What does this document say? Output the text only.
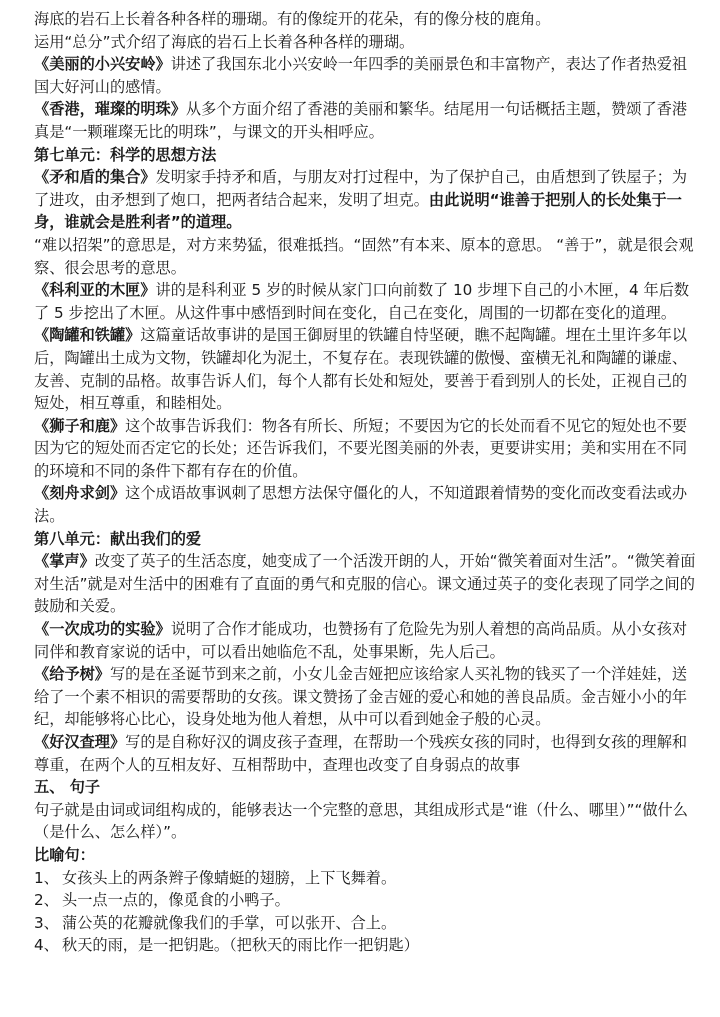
海底的岩石上长着各种各样的珊瑚。有的像绽开的花朵，有的像分枝的鹿角。

运用“总分”式介绍了海底的岩石上长着各种各样的珊瑚。

《美丽的小兴安岭》讲述了我国东北小兴安岭一年四季的美丽景色和丰富物产，表达了作者热爱祖国大好河山的感情。

《香港，璀璨的明珠》从多个方面介绍了香港的美丽和繁华。结尾用一句话概括主题，赞颂了香港真是“一颗璀璨无比的明珠”，与课文的开头相呼应。

第七单元：科学的思想方法

《矛和盾的集合》发明家手持矛和盾，与朋友对打过程中，为了保护自己，由盾想到了铁屋子；为了进攻，由矛想到了炮口，把两者结合起来，发明了坦克。由此说明“谁善于把别人的长处集于一身，谁就会是胜利者”的道理。

“难以招架”的意思是，对方来势猛，很难抵挡。“固然”有本来、原本的意思。 “善于”，就是很会观察、很会思考的意思。

《科利亚的木匣》讲的是科利亚 5 岁的时候从家门口向前数了 10 步埋下自己的小木匣，4 年后数了 5 步挖出了木匣。从这件事中感悟到时间在变化，自己在变化，周围的一切都在变化的道理。

《陶罐和铁罐》这篇童话故事讲的是国王御厨里的铁罐自恃坚硬，瞧不起陶罐。埋在土里许多年以后，陶罐出土成为文物，铁罐却化为泥土，不复存在。表现铁罐的傲慢、蛮横无礼和陶罐的谦虚、友善、克制的品格。故事告诉人们，每个人都有长处和短处，要善于看到别人的长处，正视自己的短处，相互尊重，和睦相处。

《狮子和鹿》这个故事告诉我们：物各有所长、所短；不要因为它的长处而看不见它的短处也不要因为它的短处而否定它的长处；还告诉我们，不要光图美丽的外表，更要讲实用；美和实用在不同的环境和不同的条件下都有存在的价值。

《刻舟求剑》这个成语故事讽刺了思想方法保守僵化的人，不知道跟着情势的变化而改变看法或办法。

第八单元：献出我们的爱

《掌声》改变了英子的生活态度，她变成了一个活泼开朗的人，开始“微笑着面对生活”。“微笑着面对生活”就是对生活中的困难有了直面的勇气和克服的信心。课文通过英子的变化表现了同学之间的鼓励和关爱。

《一次成功的实验》说明了合作才能成功，也赞扬有了危险先为别人着想的高尚品质。从小女孩对同伴和教育家说的话中，可以看出她临危不乱，处事果断，先人后己。

《给予树》写的是在圣诞节到来之前，小女儿金吉娅把应该给家人买礼物的钱买了一个洋娃娃，送给了一个素不相识的需要帮助的女孩。课文赞扬了金吉娅的爱心和她的善良品质。金吉娅小小的年纪，却能够将心比心，设身处地为他人着想，从中可以看到她金子般的心灵。

《好汉查理》写的是自称好汉的调皮孩子查理，在帮助一个残疾女孩的同时，也得到女孩的理解和尊重，在两个人的互相友好、互相帮助中，查理也改变了自身弱点的故事

五、 句子

句子就是由词或词组构成的，能够表达一个完整的意思，其组成形式是“谁（什么、哪里）”“做什么（是什么、怎么样）”。

比喻句：

1、 女孩头上的两条辫子像蜻蜓的翅膀，上下飞舞着。
2、 头一点一点的，像觅食的小鸭子。
3、 蒲公英的花瓣就像我们的手掌，可以张开、合上。
4、 秋天的雨，是一把钥匙。（把秋天的雨比作一把钥匙）
